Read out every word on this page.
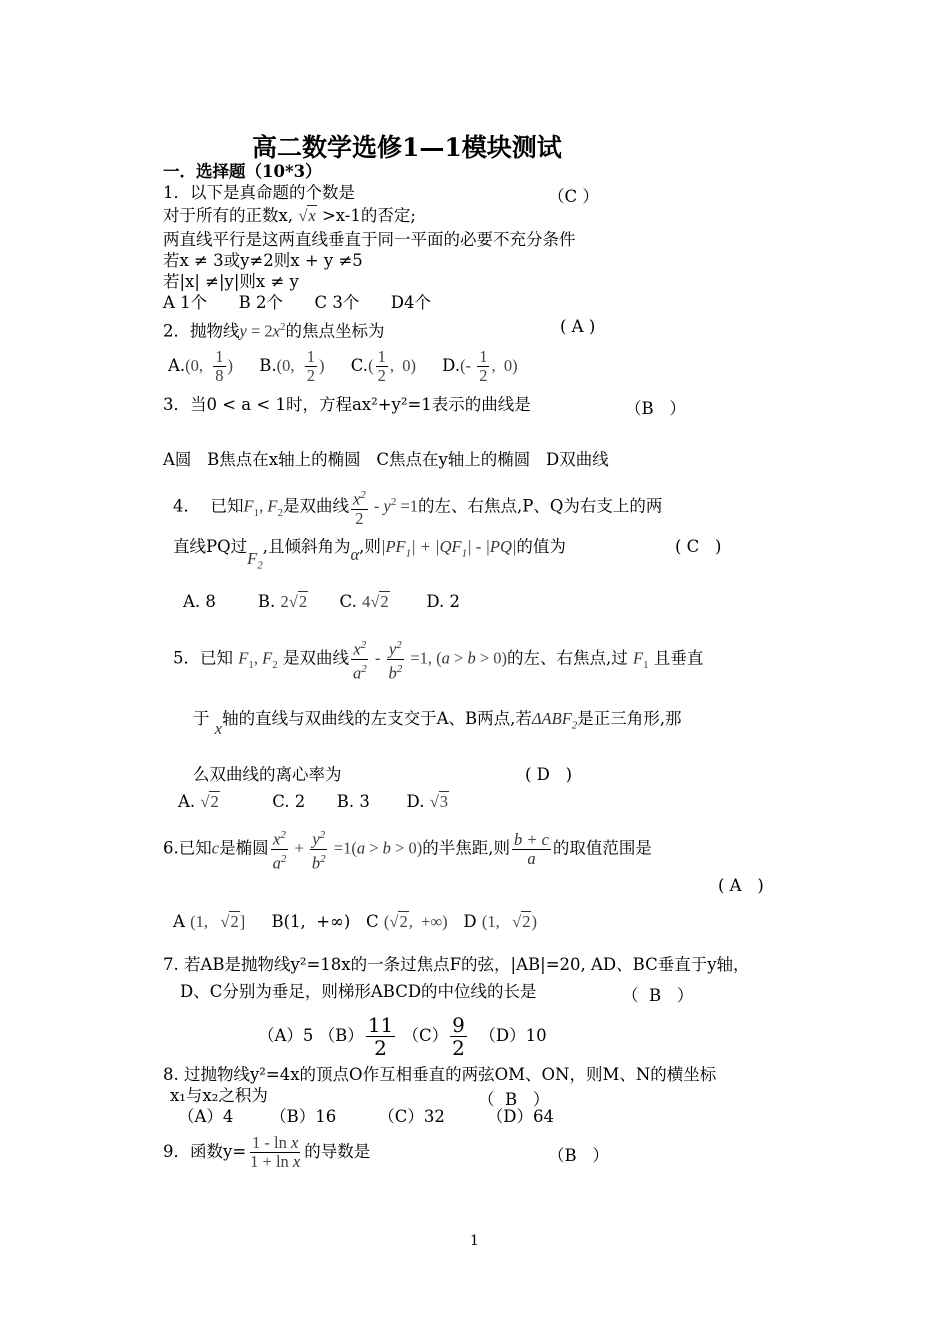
高二数学选修1—1模块测试
一．选择题（10*3）
1．以下是真命题的个数是	（C ）
对于所有的正数x, √x >x-1的否定;
两直线平行是这两直线垂直于同一平面的必要不充分条件
若x ≠ 3或y≠2则x + y ≠5
若|x| ≠|y|则x ≠ y
A 1个      B 2个      C 3个      D4个
2．抛物线$y = 2x^2$的焦点坐标为	( A )
A.(0, $\frac{1}{8}$ ) B.(0, $\frac{1}{2}$ ) $C.( \frac{1}{2}$ ,  0) $D.(- \frac{1}{2}$ ,  0)
3．当0 < a < 1时，方程ax²+y²=1表示的曲线是	（B   ）
A圆   B焦点在x轴上的椭圆   C焦点在y轴上的椭圆   D双曲线
4．  已知$F_1$, $F_2$是双曲线 $\frac{x^2}{2} - y^2 =1$的左、右焦点,P、Q为右支上的两
直线PQ过$F_2$,且倾斜角为α,则$|PF_1| + |QF_1| - |PQ|$的值为	( C   )
A. 8	B. 2√2 C. 4√2 D. 2
5．已知 $F_1$, $F_2$ 是双曲线 $\frac{x^2}{a^2} - \frac{y^2}{b^2} =1$, (a > b > 0)的左、右焦点,过 $F_1$ 且垂直
于 x轴的直线与双曲线的左支交于A、B两点,若$\Delta ABF_2$是正三角形,那
么双曲线的离心率为	( D   )
A. √2	C. 2 B. 3 D. √3
6.已知c是椭圆 $\frac{x^2}{a^2} + \frac{y^2}{b^2} =1(a > b > 0)$的半焦距,则 $\frac{b + c}{a}$ 的取值范围是
( A   )
A (1,   √2] B(1,  +∞) C (√2,  +∞) D (1,   √2)
7. 若AB是抛物线y²=18x的一条过焦点F的弦，|AB|=20, AD、BC垂直于y轴，
D、C分别为垂足，则梯形ABCD的中位线的长是	（  B   ）
（A）5 $(B) \frac{11}{2} (C) \frac{9}{2} (D)10$
8. 过抛物线y²=4x的顶点O作互相垂直的两弦OM、ON，则M、N的横坐标
x₁与x₂之积为	（  B   ）
（A）4       （B）16        （C）32        （D）64
9．函数$y= \frac{\text{1 - ln x}}{\text{1 + ln x}}$ 的导数是	（B   ）
1
